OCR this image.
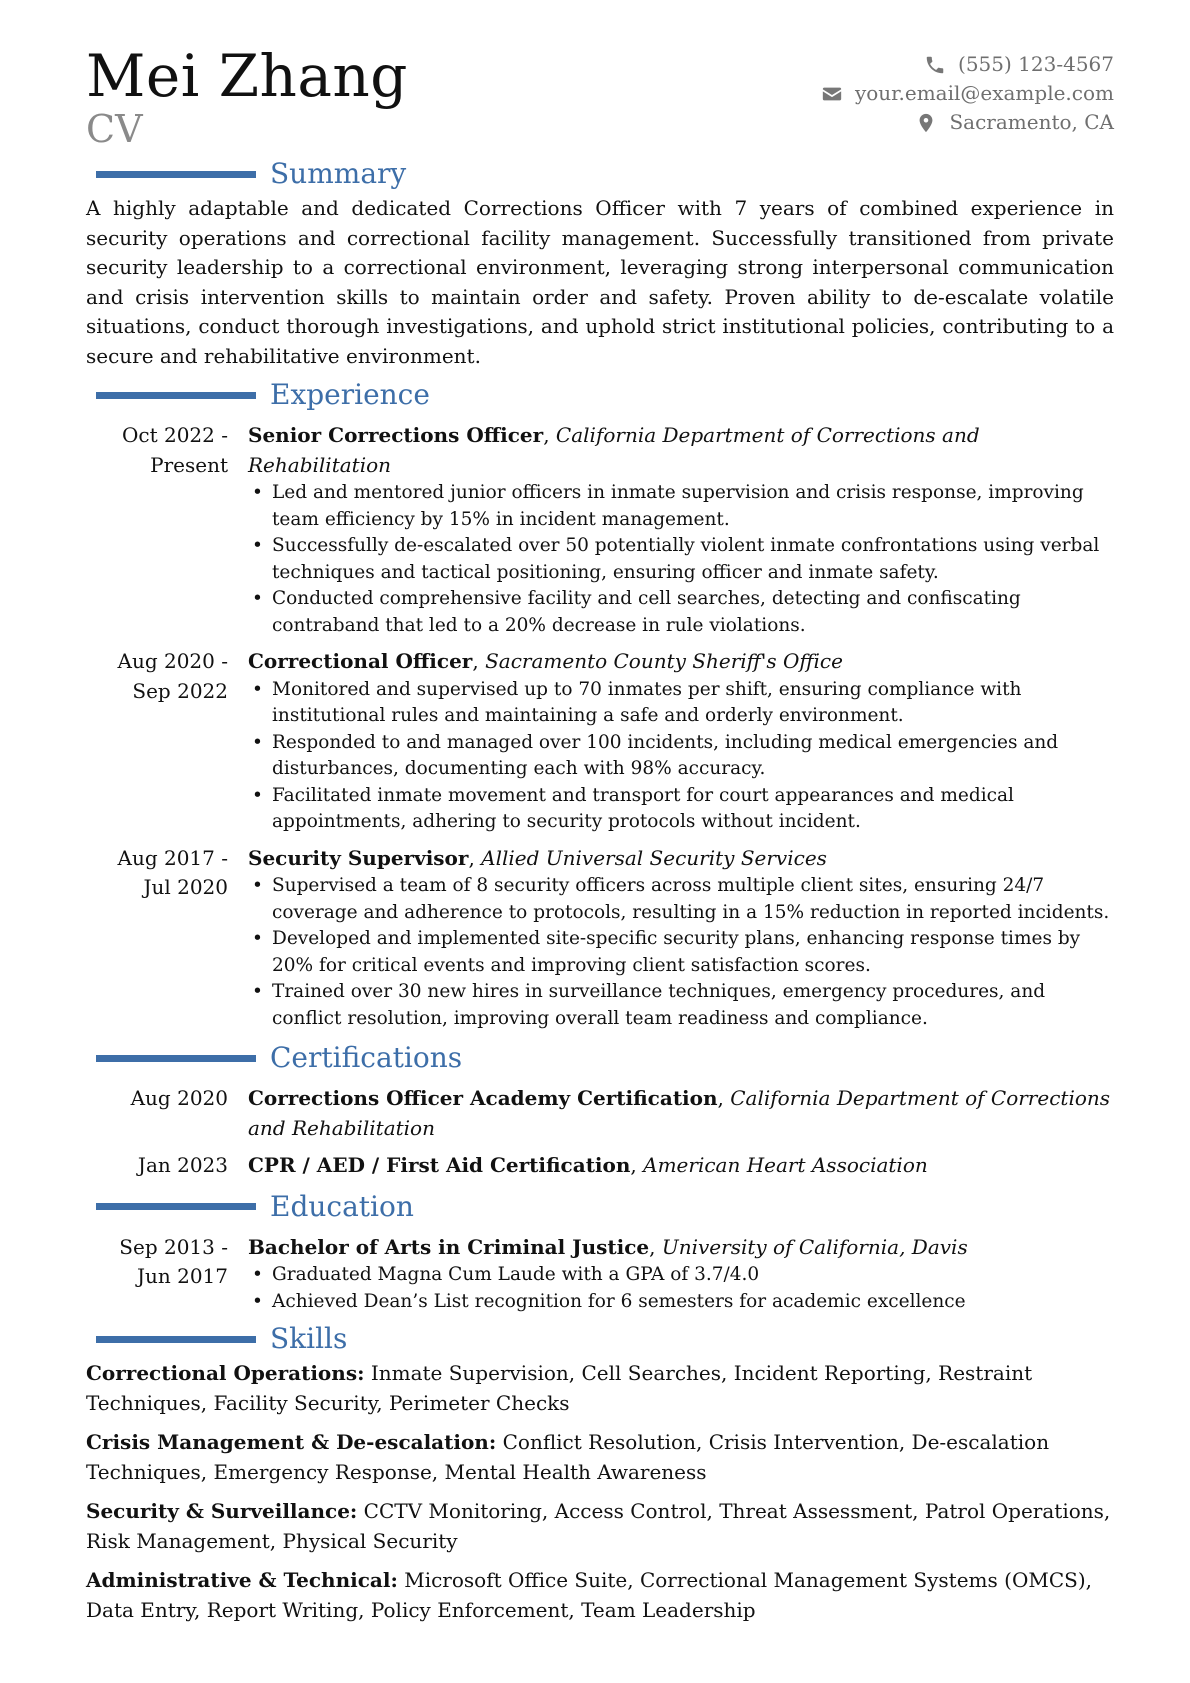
Mei Zhang

CV

(555) 123-4567
your.email@example.com
Sacramento, CA
Summary

A highly adaptable and dedicated Corrections Officer with 7 years of combined experience in security operations and correctional facility management. Successfully transitioned from private security leadership to a correctional environment, leveraging strong interpersonal communication and crisis intervention skills to maintain order and safety. Proven ability to de-escalate volatile situations, conduct thorough investigations, and uphold strict institutional policies, contributing to a secure and rehabilitative environment.

Experience
Oct 2022 - Present
Senior Corrections Officer, California Department of Corrections and Rehabilitation
• Led and mentored junior officers in inmate supervision and crisis response, improving team efficiency by 15% in incident management.
• Successfully de-escalated over 50 potentially violent inmate confrontations using verbal techniques and tactical positioning, ensuring officer and inmate safety.
• Conducted comprehensive facility and cell searches, detecting and confiscating contraband that led to a 20% decrease in rule violations.
Aug 2020 - Sep 2022
Correctional Officer, Sacramento County Sheriff's Office
• Monitored and supervised up to 70 inmates per shift, ensuring compliance with institutional rules and maintaining a safe and orderly environment.
• Responded to and managed over 100 incidents, including medical emergencies and disturbances, documenting each with 98% accuracy.
• Facilitated inmate movement and transport for court appearances and medical appointments, adhering to security protocols without incident.
Aug 2017 - Jul 2020
Security Supervisor, Allied Universal Security Services
• Supervised a team of 8 security officers across multiple client sites, ensuring 24/7 coverage and adherence to protocols, resulting in a 15% reduction in reported incidents.
• Developed and implemented site-specific security plans, enhancing response times by 20% for critical events and improving client satisfaction scores.
• Trained over 30 new hires in surveillance techniques, emergency procedures, and conflict resolution, improving overall team readiness and compliance.
Certifications
Aug 2020	Corrections Officer Academy Certification, California Department of Corrections and Rehabilitation
Jan 2023	CPR / AED / First Aid Certification, American Heart Association
Education
Sep 2013 - Jun 2017
Bachelor of Arts in Criminal Justice, University of California, Davis
• Graduated Magna Cum Laude with a GPA of 3.7/4.0
• Achieved Dean’s List recognition for 6 semesters for academic excellence
Skills
Correctional Operations: Inmate Supervision, Cell Searches, Incident Reporting, Restraint Techniques, Facility Security, Perimeter Checks
Crisis Management & De-escalation: Conflict Resolution, Crisis Intervention, De-escalation Techniques, Emergency Response, Mental Health Awareness
Security & Surveillance: CCTV Monitoring, Access Control, Threat Assessment, Patrol Operations, Risk Management, Physical Security
Administrative & Technical: Microsoft Office Suite, Correctional Management Systems (OMCS), Data Entry, Report Writing, Policy Enforcement, Team Leadership
